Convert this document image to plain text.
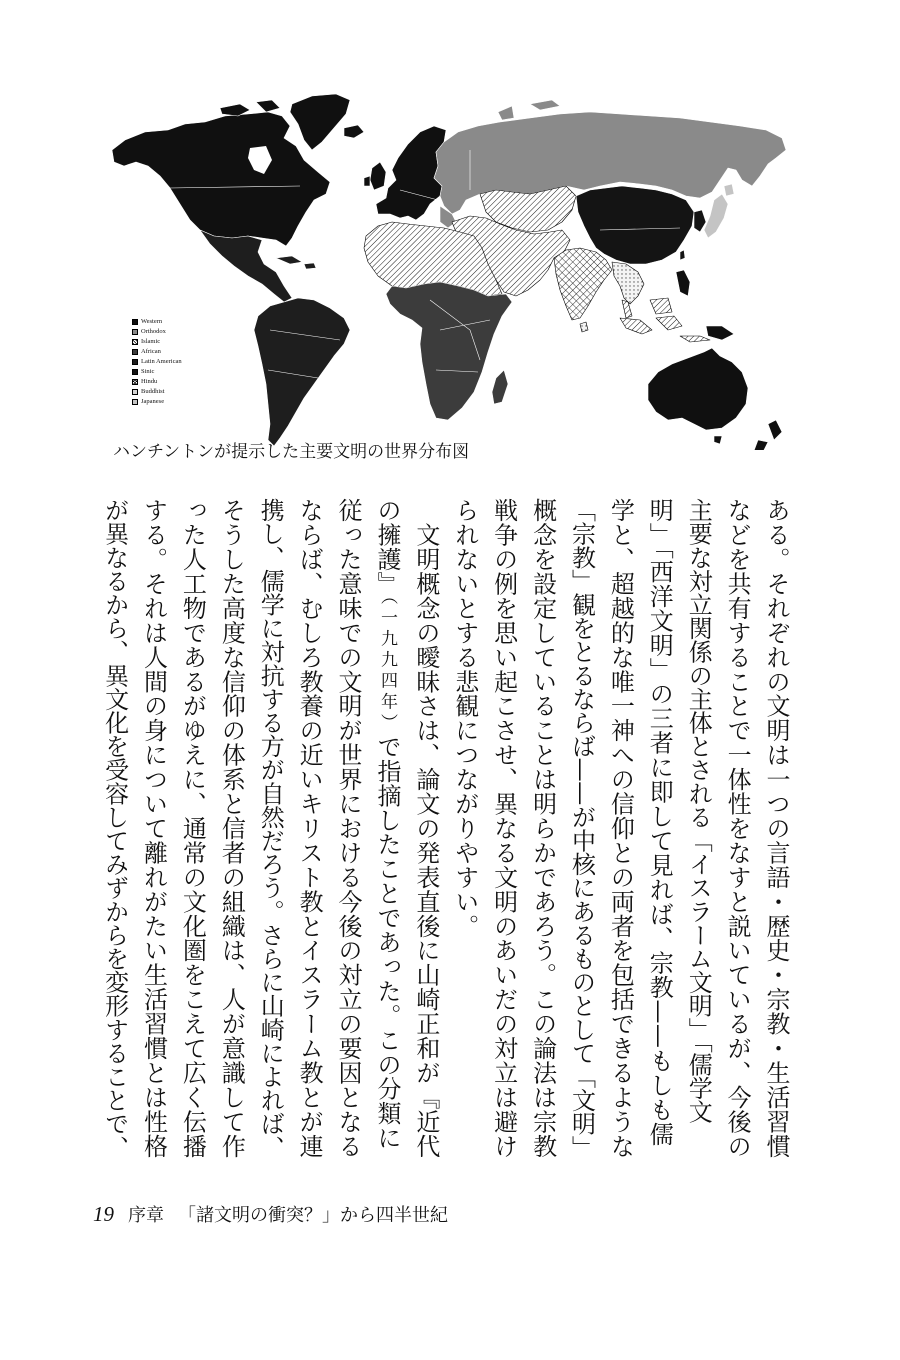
Western
Orthodox
Islamic
African
Latin American
Sinic
Hindu
Buddhist
Japanese
ハンチントンが提示した主要文明の世界分布図
ある。それぞれの文明は一つの言語・歴史・宗教・生活習慣
などを共有することで一体性をなすと説いているが、今後の
主要な対立関係の主体とされる「イスラーム文明」「儒学文
明」「西洋文明」の三者に即して見れば、宗教——もしも儒
学と、超越的な唯一神への信仰との両者を包括できるような
「宗教」観をとるならば——が中核にあるものとして「文明」
概念を設定していることは明らかであろう。この論法は宗教
戦争の例を思い起こさせ、異なる文明のあいだの対立は避け
られないとする悲観につながりやすい。
　文明概念の曖昧さは、論文の発表直後に山崎正和が『近代
の擁護』（一九九四年）で指摘したことであった。この分類に
従った意味での文明が世界における今後の対立の要因となる
ならば、むしろ教養の近いキリスト教とイスラーム教とが連
携し、儒学に対抗する方が自然だろう。さらに山崎によれば、
そうした高度な信仰の体系と信者の組織は、人が意識して作
った人工物であるがゆえに、通常の文化圏をこえて広く伝播
する。それは人間の身について離れがたい生活習慣とは性格
が異なるから、異文化を受容してみずからを変形することで、
19 序章 「諸文明の衝突？」から四半世紀
